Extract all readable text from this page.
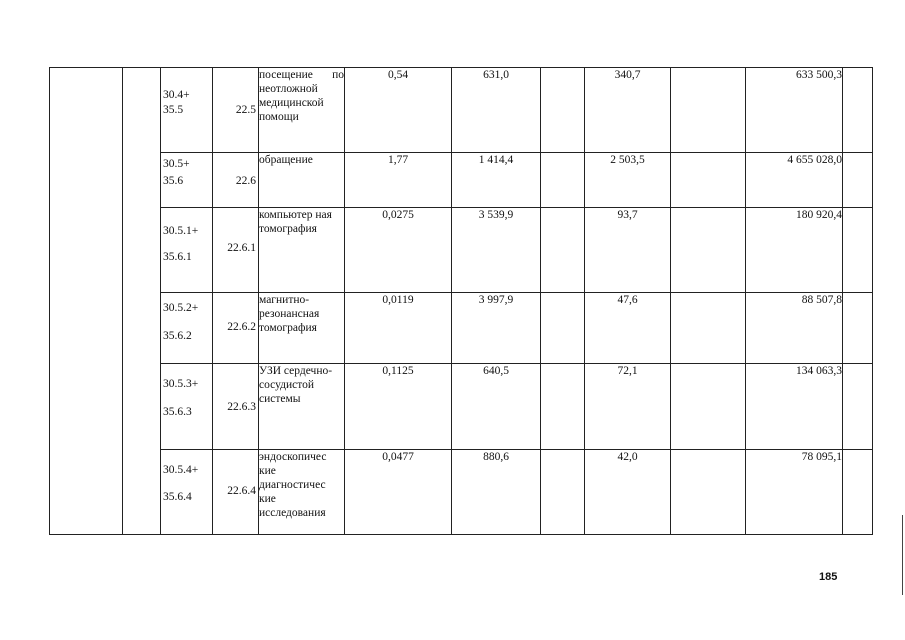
		30.4+
35.5	22.5	посещение по неотложной медицинской помощи	0,54	631,0		340,7		633 500,3	

		30.5+
35.6	22.6	обращение	1,77	1 414,4		2 503,5		4 655 028,0	

		30.5.1+
35.6.1	22.6.1	компьютер ная томография	0,0275	3 539,9		93,7		180 920,4	

		30.5.2+
35.6.2	22.6.2	магнитно-резонансная томография	0,0119	3 997,9		47,6		88 507,8	

		30.5.3+
35.6.3	22.6.3	УЗИ сердечно-сосудистой системы	0,1125	640,5		72,1		134 063,3	

		30.5.4+
35.6.4	22.6.4	эндоскопичес кие диагностичес кие исследования	0,0477	880,6		42,0		78 095,1	
185
